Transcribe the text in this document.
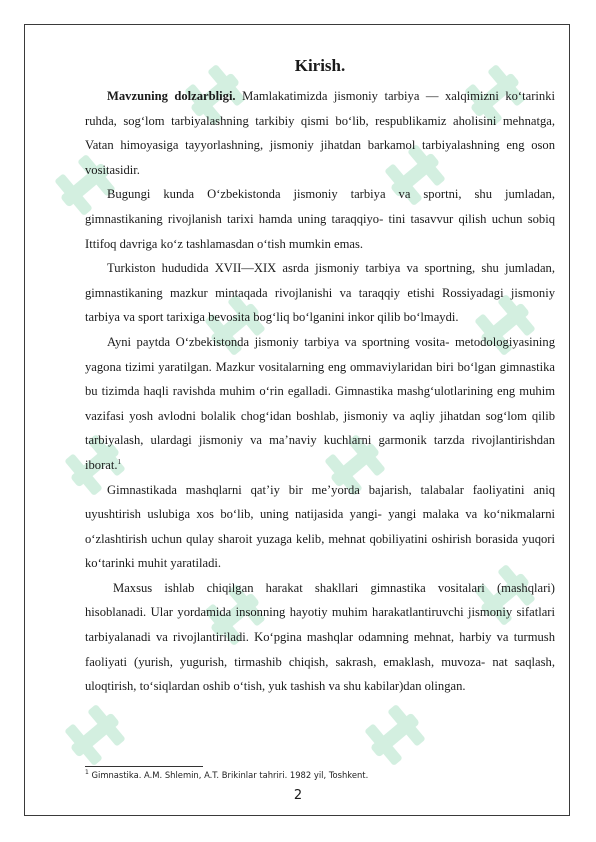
Kirish.

Mavzuning dolzarbligi. Mamlakatimizda jismoniy tarbiya — xalqimizni ko‘tarinki ruhda, sog‘lom tarbiyalashning tarkibiy qismi bo‘lib, respublikamiz aholisini mehnatga, Vatan himoyasiga tayyorlashning, jismoniy jihatdan barkamol tarbiyalashning eng oson vositasidir.

Bugungi kunda O‘zbekistonda jismoniy tarbiya va sportni, shu jumladan, gimnastikaning rivojlanish tarixi hamda uning taraqqiyo- tini tasavvur qilish uchun sobiq Ittifoq davriga ko‘z tashlamasdan o‘tish mumkin emas.

Turkiston hududida XVII—XIX asrda jismoniy tarbiya va sportning, shu jumladan, gimnastikaning mazkur mintaqada rivojlanishi va taraqqiy etishi Rossiyadagi jismoniy tarbiya va sport tarixiga bevosita bog‘liq bo‘lganini inkor qilib bo‘lmaydi.

Ayni paytda O‘zbekistonda jismoniy tarbiya va sportning vosita- metodologiyasining yagona tizimi yaratilgan. Mazkur vositalarning eng ommaviylaridan biri bo‘lgan gimnastika bu tizimda haqli ravishda muhim o‘rin egalladi. Gimnastika mashg‘ulotlarining eng muhim vazifasi yosh avlodni bolalik chog‘idan boshlab, jismoniy va aqliy jihatdan sog‘lom qilib tarbiyalash, ulardagi jismoniy va ma’naviy kuchlarni garmonik tarzda rivojlantirishdan iborat.$^1$

Gimnastikada mashqlarni qat’iy bir me’yorda bajarish, talabalar faoliyatini aniq uyushtirish uslubiga xos bo‘lib, uning natijasida yangi- yangi malaka va ko‘nikmalarni o‘zlashtirish uchun qulay sharoit yuzaga kelib, mehnat qobiliyatini oshirish borasida yuqori ko‘tarinki muhit yaratiladi.

Maxsus ishlab chiqilgan harakat shakllari gimnastika vositalari (mashqlari) hisoblanadi. Ular yordamida insonning hayotiy muhim harakatlantiruvchi jismoniy sifatlari tarbiyalanadi va rivojlantiriladi. Ko‘pgina mashqlar odamning mehnat, harbiy va turmush faoliyati (yurish, yugurish, tirmashib chiqish, sakrash, emaklash, muvoza- nat saqlash, uloqtirish, to‘siqlardan oshib o‘tish, yuk tashish va shu kabilar)dan olingan.

$^1$ Gimnastika. A.M. Shlemin, A.T. Brikinlar tahriri. 1982 yil, Toshkent.
2
